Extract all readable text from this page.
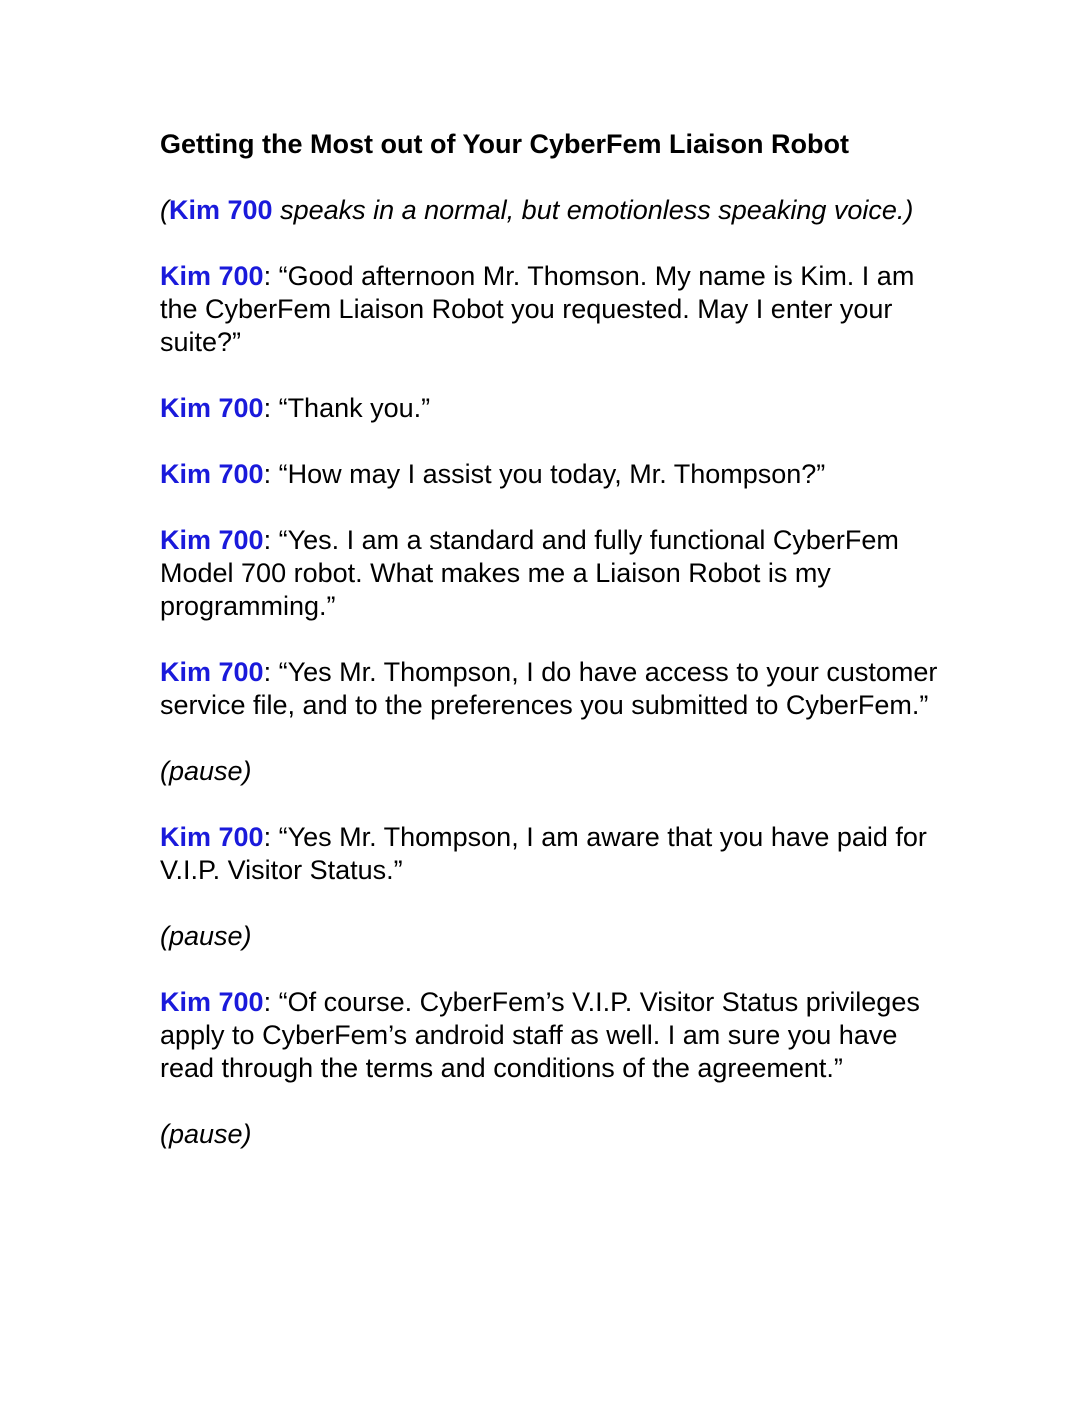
Getting the Most out of Your CyberFem Liaison Robot

(Kim 700 speaks in a normal, but emotionless speaking voice.)

Kim 700: “Good afternoon Mr. Thomson. My name is Kim. I am the CyberFem Liaison Robot you requested. May I enter your suite?”

Kim 700: “Thank you.”

Kim 700: “How may I assist you today, Mr. Thompson?”

Kim 700: “Yes. I am a standard and fully functional CyberFem Model 700 robot. What makes me a Liaison Robot is my programming.”

Kim 700: “Yes Mr. Thompson, I do have access to your customer service file, and to the preferences you submitted to CyberFem.”

(pause)

Kim 700: “Yes Mr. Thompson, I am aware that you have paid for V.I.P. Visitor Status.”

(pause)

Kim 700: “Of course. CyberFem’s V.I.P. Visitor Status privileges apply to CyberFem’s android staff as well. I am sure you have read through the terms and conditions of the agreement.”

(pause)
